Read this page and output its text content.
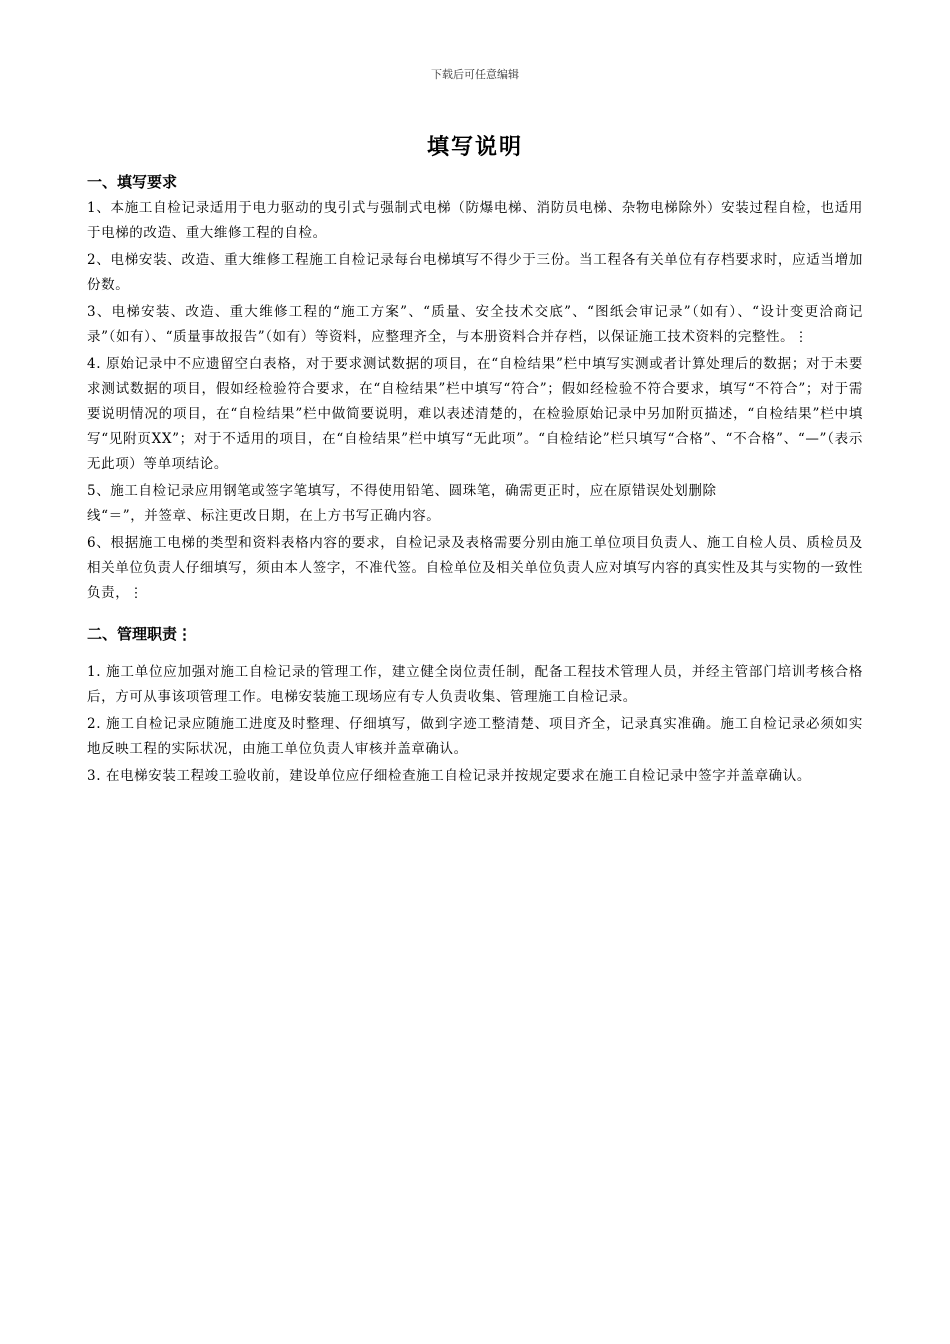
下载后可任意编辑
填写说明
一、填写要求

1、本施工自检记录适用于电力驱动的曳引式与强制式电梯（防爆电梯、消防员电梯、杂物电梯除外）安装过程自检，也适用于电梯的改造、重大维修工程的自检。

2、电梯安装、改造、重大维修工程施工自检记录每台电梯填写不得少于三份。当工程各有关单位有存档要求时，应适当增加份数。

3、电梯安装、改造、重大维修工程的“施工方案”、“质量、安全技术交底”、“图纸会审记录”（如有）、“设计变更洽商记录”（如有）、“质量事故报告”（如有）等资料，应整理齐全，与本册资料合并存档，以保证施工技术资料的完整性。⋮

4. 原始记录中不应遗留空白表格，对于要求测试数据的项目，在“自检结果”栏中填写实测或者计算处理后的数据；对于未要求测试数据的项目，假如经检验符合要求，在“自检结果”栏中填写“符合”；假如经检验不符合要求，填写“不符合”；对于需要说明情况的项目，在“自检结果”栏中做简要说明，难以表述清楚的，在检验原始记录中另加附页描述，“自检结果”栏中填写“见附页XX”；对于不适用的项目，在“自检结果”栏中填写“无此项”。“自检结论”栏只填写“合格”、“不合格”、“—”（表示无此项）等单项结论。

5、施工自检记录应用钢笔或签字笔填写，不得使用铅笔、圆珠笔，确需更正时，应在原错误处划删除

线“＝”，并签章、标注更改日期，在上方书写正确内容。

6、根据施工电梯的类型和资料表格内容的要求，自检记录及表格需要分别由施工单位项目负责人、施工自检人员、质检员及相关单位负责人仔细填写，须由本人签字，不准代签。自检单位及相关单位负责人应对填写内容的真实性及其与实物的一致性负责，⋮

二、管理职责⋮

1. 施工单位应加强对施工自检记录的管理工作，建立健全岗位责任制，配备工程技术管理人员，并经主管部门培训考核合格后，方可从事该项管理工作。电梯安装施工现场应有专人负责收集、管理施工自检记录。

2. 施工自检记录应随施工进度及时整理、仔细填写，做到字迹工整清楚、项目齐全，记录真实准确。施工自检记录必须如实地反映工程的实际状况，由施工单位负责人审核并盖章确认。

3. 在电梯安装工程竣工验收前，建设单位应仔细检查施工自检记录并按规定要求在施工自检记录中签字并盖章确认。
